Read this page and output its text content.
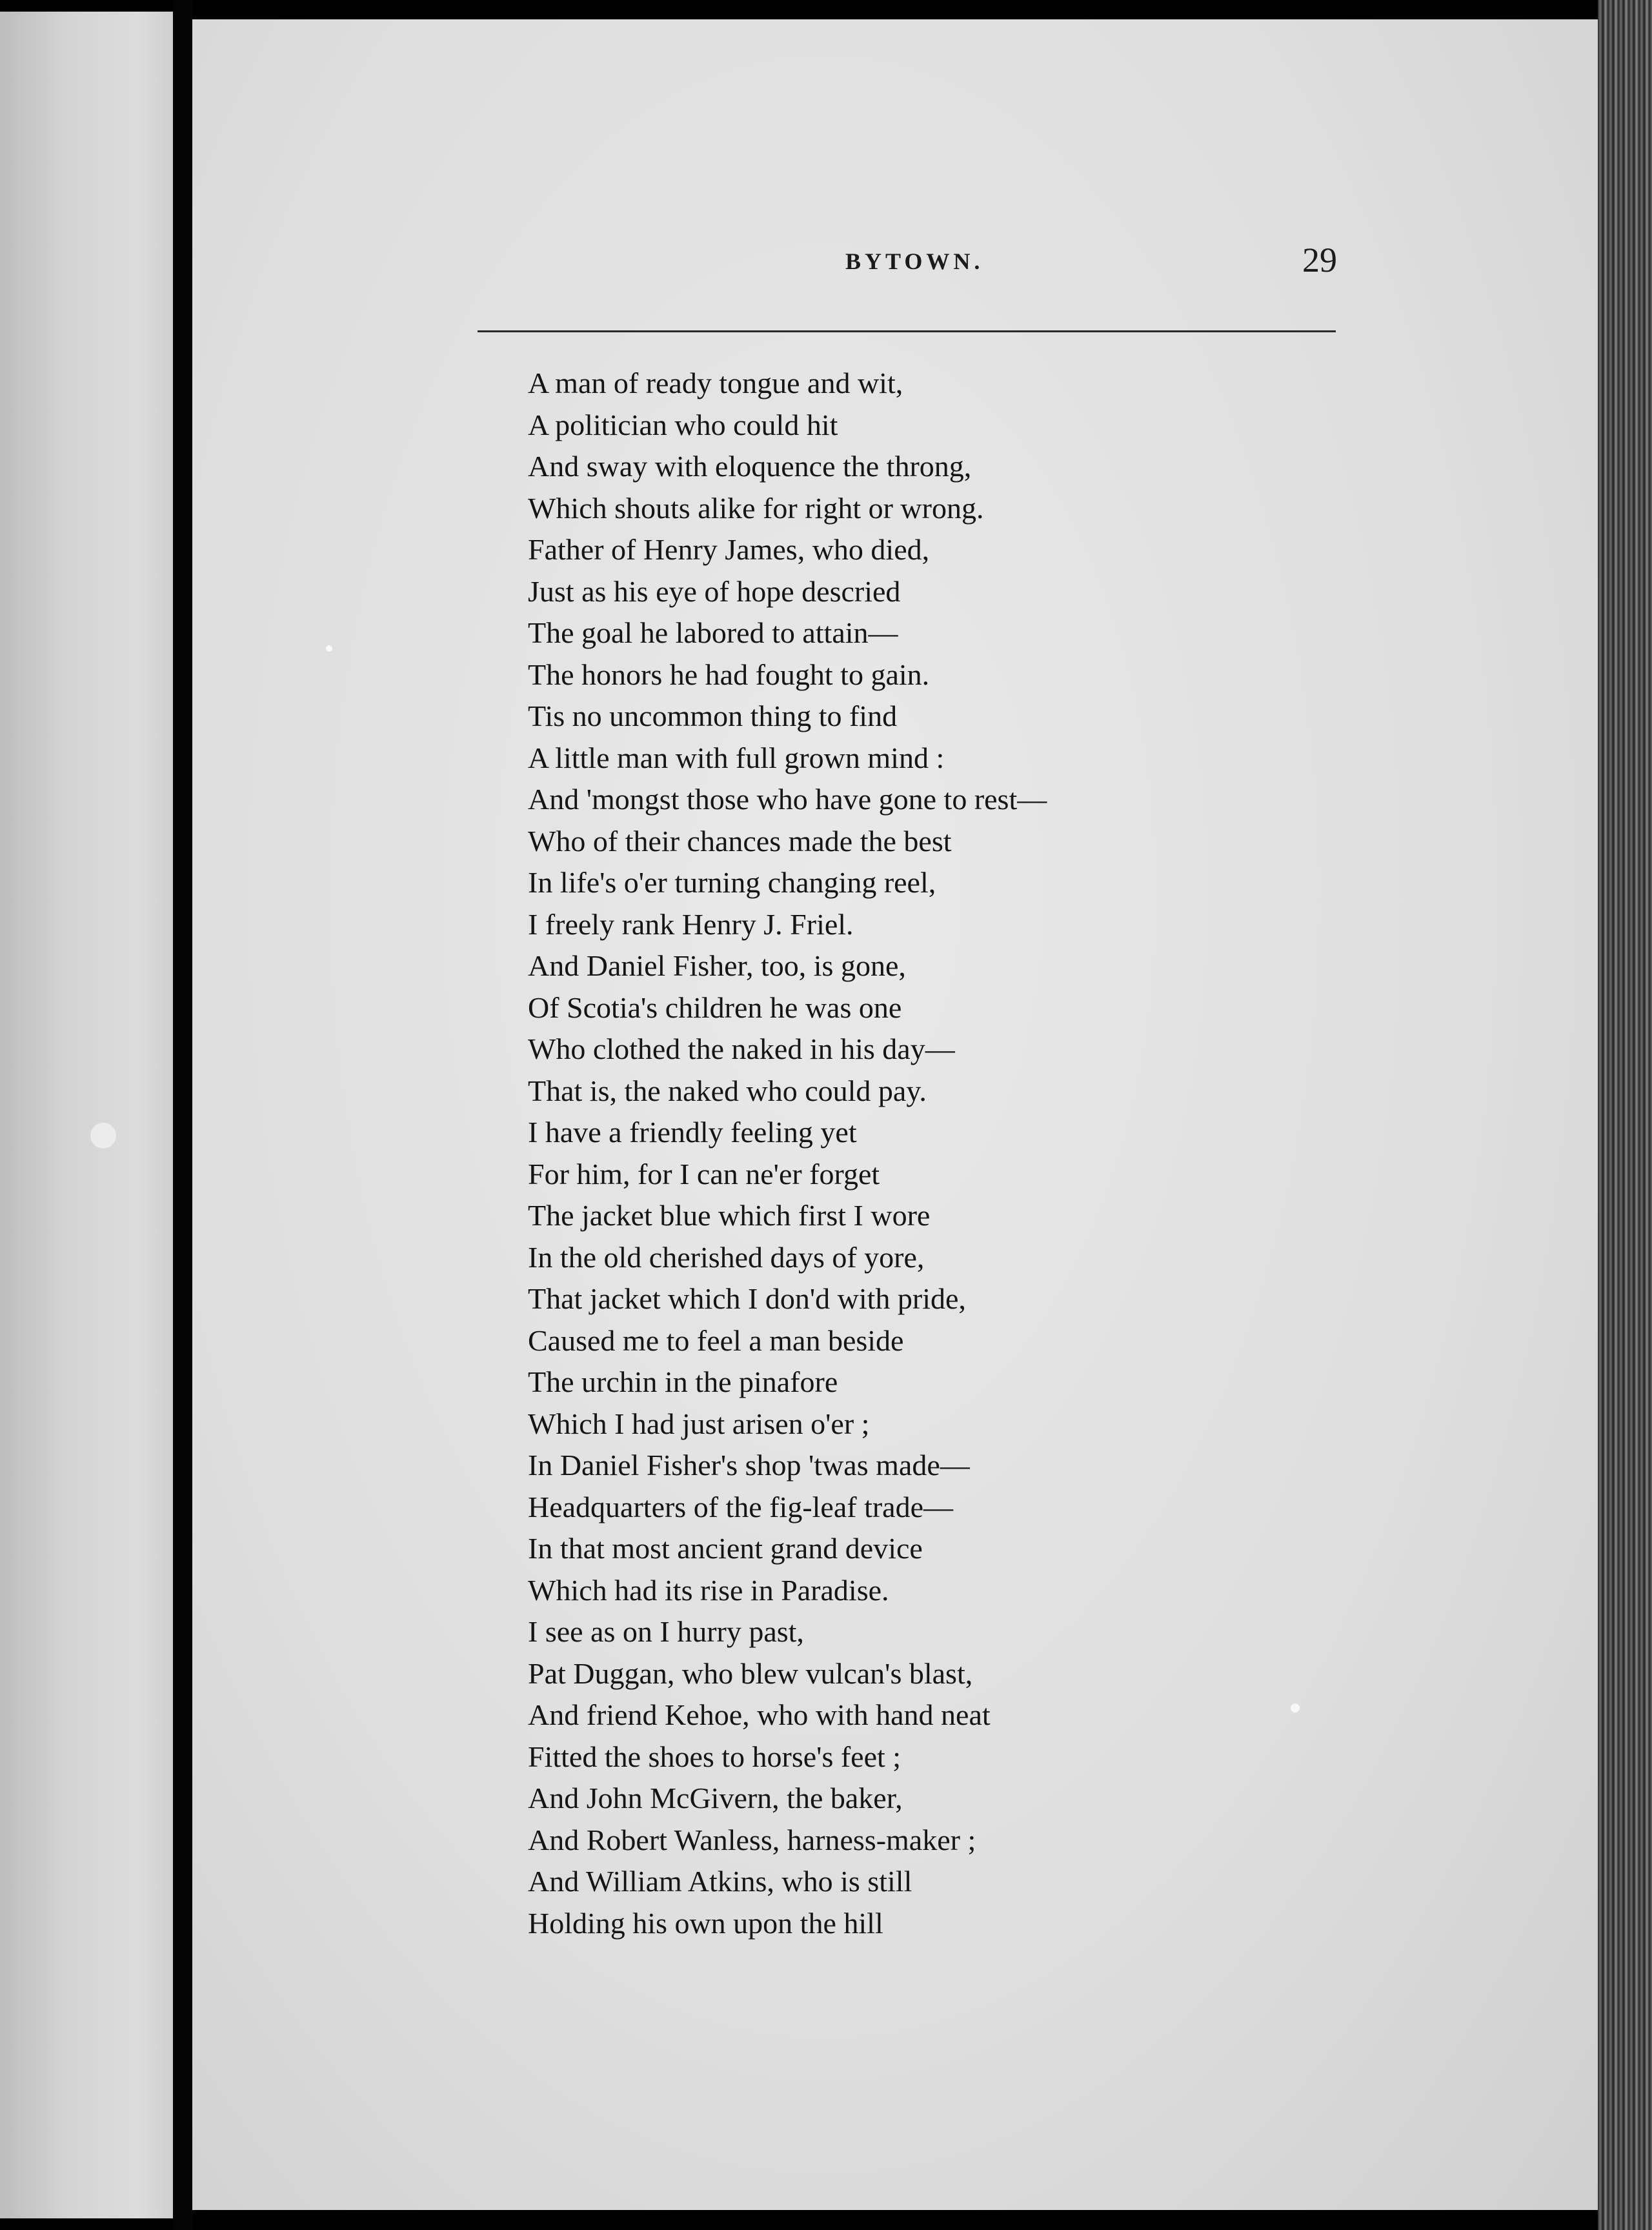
BYTOWN.	29
A man of ready tongue and wit,
A politician who could hit
And sway with eloquence the throng,
Which shouts alike for right or wrong.
Father of Henry James, who died,
Just as his eye of hope descried
The goal he labored to attain—
The honors he had fought to gain.
Tis no uncommon thing to find
A little man with full grown mind :
And 'mongst those who have gone to rest—
Who of their chances made the best
In life's o'er turning changing reel,
I freely rank Henry J. Friel.
And Daniel Fisher, too, is gone,
Of Scotia's children he was one
Who clothed the naked in his day—
That is, the naked who could pay.
I have a friendly feeling yet
For him, for I can ne'er forget
The jacket blue which first I wore
In the old cherished days of yore,
That jacket which I don'd with pride,
Caused me to feel a man beside
The urchin in the pinafore
Which I had just arisen o'er ;
In Daniel Fisher's shop 'twas made—
Headquarters of the fig-leaf trade—
In that most ancient grand device
Which had its rise in Paradise.
I see as on I hurry past,
Pat Duggan, who blew vulcan's blast,
And friend Kehoe, who with hand neat
Fitted the shoes to horse's feet ;
And John McGivern, the baker,
And Robert Wanless, harness-maker ;
And William Atkins, who is still
Holding his own upon the hill
